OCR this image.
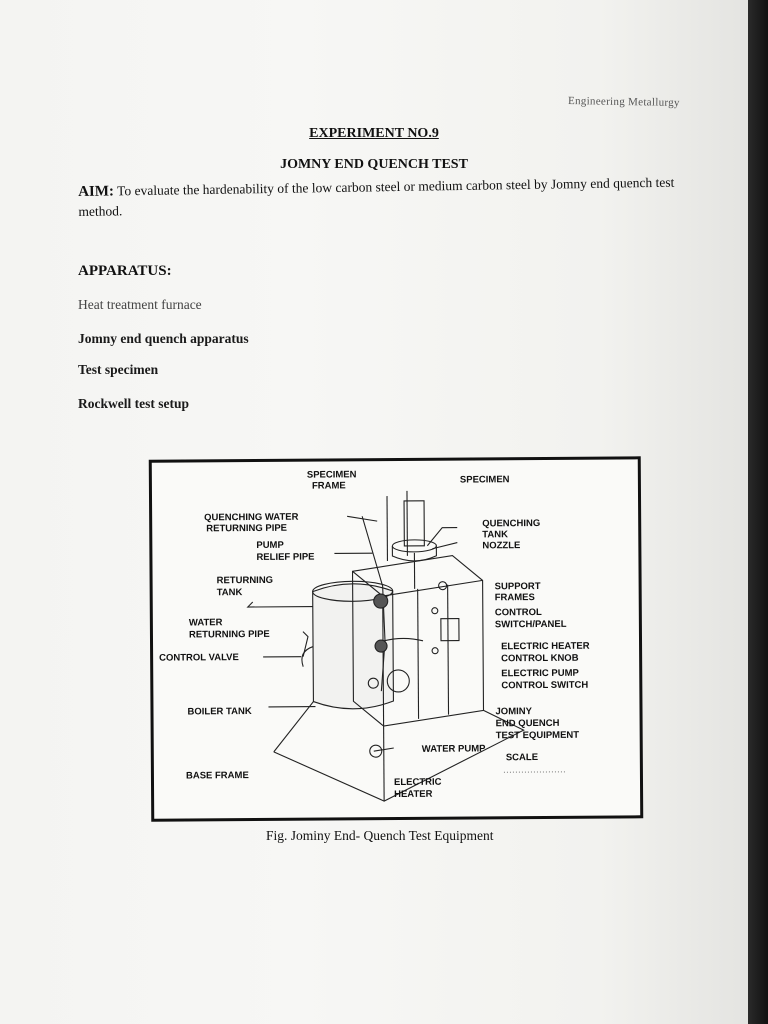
Engineering Metallurgy
EXPERIMENT NO.9
JOMNY END QUENCH TEST
AIM: To evaluate the hardenability of the low carbon steel or medium carbon steel by Jomny end quench test method.
APPARATUS:
Heat treatment furnace
Jomny end quench apparatus
Test specimen
Rockwell test setup
SPECIMEN
FRAME
SPECIMEN
QUENCHING WATER
RETURNING PIPE
PUMP
RELIEF PIPE
QUENCHING
TANK
NOZZLE
RETURNING
TANK
SUPPORT
FRAMES
CONTROL
SWITCH/PANEL
WATER
RETURNING PIPE
CONTROL VALVE
ELECTRIC HEATER
CONTROL KNOB
ELECTRIC PUMP
CONTROL SWITCH
BOILER TANK	JOMINY
END QUENCH
TEST EQUIPMENT
WATER PUMP
SCALE
BASE FRAME
ELECTRIC
HEATER
Fig. Jominy End- Quench Test Equipment
